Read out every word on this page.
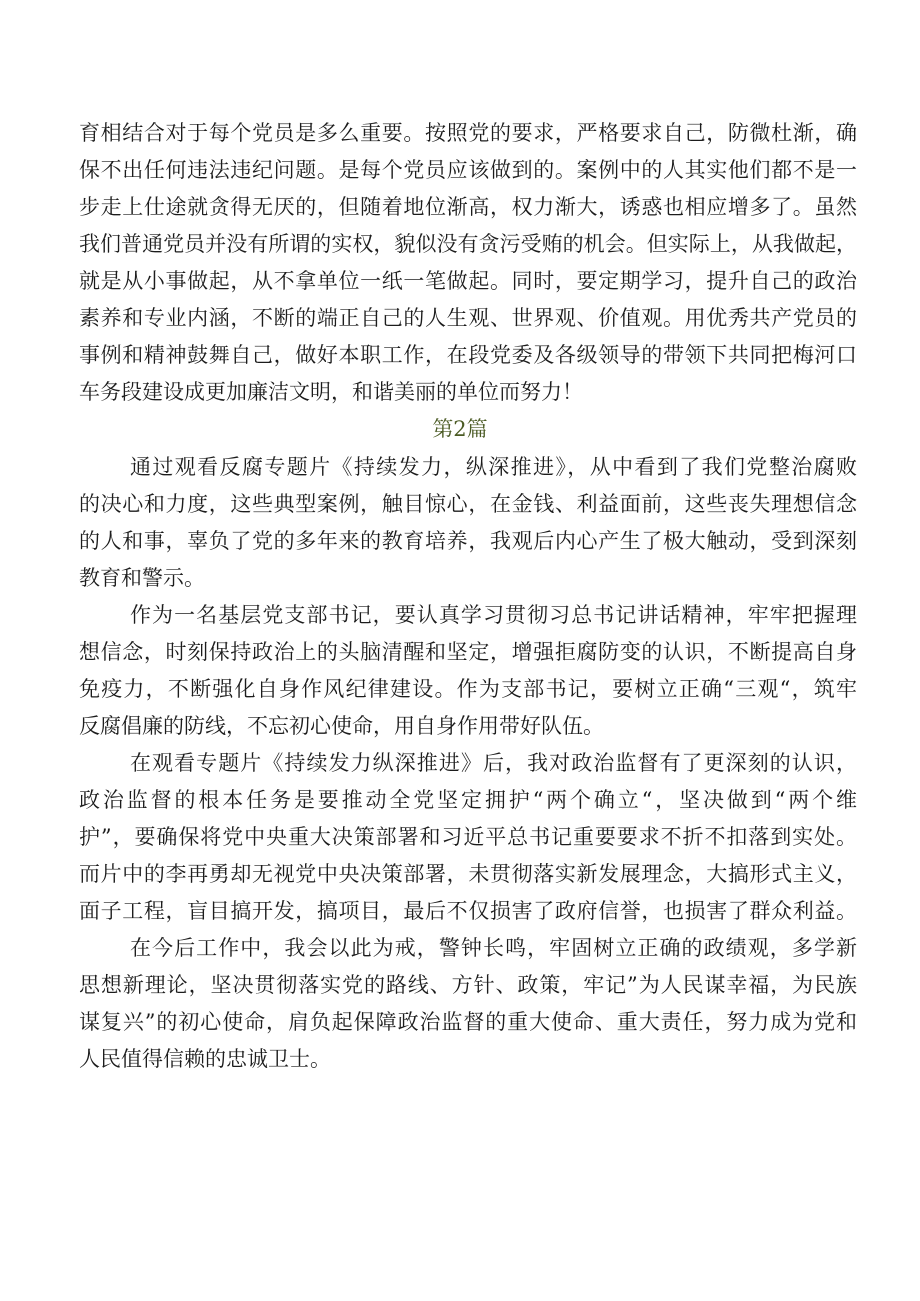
育相结合对于每个党员是多么重要。按照党的要求，严格要求自己，防微杜渐，确
保不出任何违法违纪问题。是每个党员应该做到的。案例中的人其实他们都不是一
步走上仕途就贪得无厌的，但随着地位渐高，权力渐大，诱惑也相应增多了。虽然
我们普通党员并没有所谓的实权，貌似没有贪污受贿的机会。但实际上，从我做起，
就是从小事做起，从不拿单位一纸一笔做起。同时，要定期学习，提升自己的政治
素养和专业内涵，不断的端正自己的人生观、世界观、价值观。用优秀共产党员的
事例和精神鼓舞自己，做好本职工作，在段党委及各级领导的带领下共同把梅河口
车务段建设成更加廉洁文明，和谐美丽的单位而努力！
第2篇
通过观看反腐专题片《持续发力，纵深推进》，从中看到了我们党整治腐败
的决心和力度，这些典型案例，触目惊心，在金钱、利益面前，这些丧失理想信念
的人和事，辜负了党的多年来的教育培养，我观后内心产生了极大触动，受到深刻
教育和警示。
作为一名基层党支部书记，要认真学习贯彻习总书记讲话精神，牢牢把握理
想信念，时刻保持政治上的头脑清醒和坚定，增强拒腐防变的认识，不断提高自身
免疫力，不断强化自身作风纪律建设。作为支部书记，要树立正确“三观“，筑牢
反腐倡廉的防线，不忘初心使命，用自身作用带好队伍。
在观看专题片《持续发力纵深推进》后，我对政治监督有了更深刻的认识，
政治监督的根本任务是要推动全党坚定拥护“两个确立“，坚决做到“两个维
护”，要确保将党中央重大决策部署和习近平总书记重要要求不折不扣落到实处。
而片中的李再勇却无视党中央决策部署，未贯彻落实新发展理念，大搞形式主义，
面子工程，盲目搞开发，搞项目，最后不仅损害了政府信誉，也损害了群众利益。
在今后工作中，我会以此为戒，警钟长鸣，牢固树立正确的政绩观，多学新
思想新理论，坚决贯彻落实党的路线、方针、政策，牢记”为人民谋幸福，为民族
谋复兴”的初心使命，肩负起保障政治监督的重大使命、重大责任，努力成为党和
人民值得信赖的忠诚卫士。
